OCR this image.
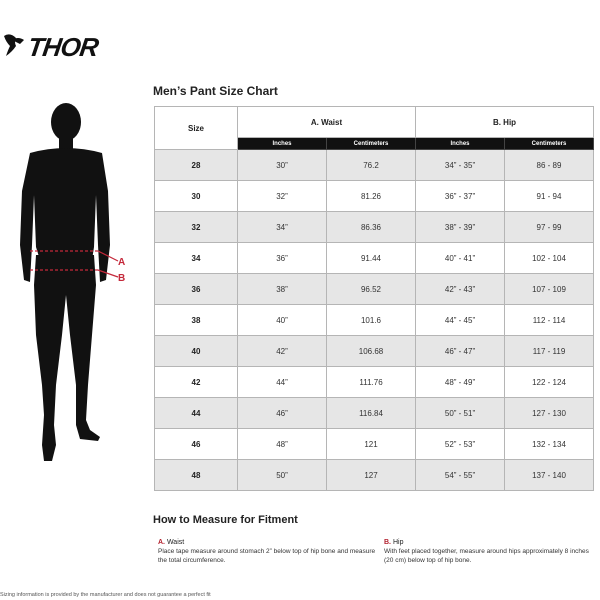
THOR
A
B
Men’s Pant Size Chart
Size	A. Waist		B. Hip	
	Inches	Centimeters	Inches	Centimeters
28	30”	76.2	34” - 35”	86 - 89
30	32”	81.26	36” - 37”	91 - 94
32	34”	86.36	38” - 39”	97 - 99
34	36”	91.44	40” - 41”	102 - 104
36	38”	96.52	42” - 43”	107 - 109
38	40”	101.6	44” - 45”	112 - 114
40	42”	106.68	46” - 47”	117 - 119
42	44”	111.76	48” - 49”	122 - 124
44	46”	116.84	50” - 51”	127 - 130
46	48”	121	52” - 53”	132 - 134
48	50”	127	54” - 55”	137 - 140
How to Measure for Fitment
A. Waist
Place tape measure around stomach 2” below top of hip bone and measure the total circumference.
B. Hip
With feet placed together, measure around hips approximately 8 inches (20 cm) below top of hip bone.
Sizing information is provided by the manufacturer and does not guarantee a perfect fit
